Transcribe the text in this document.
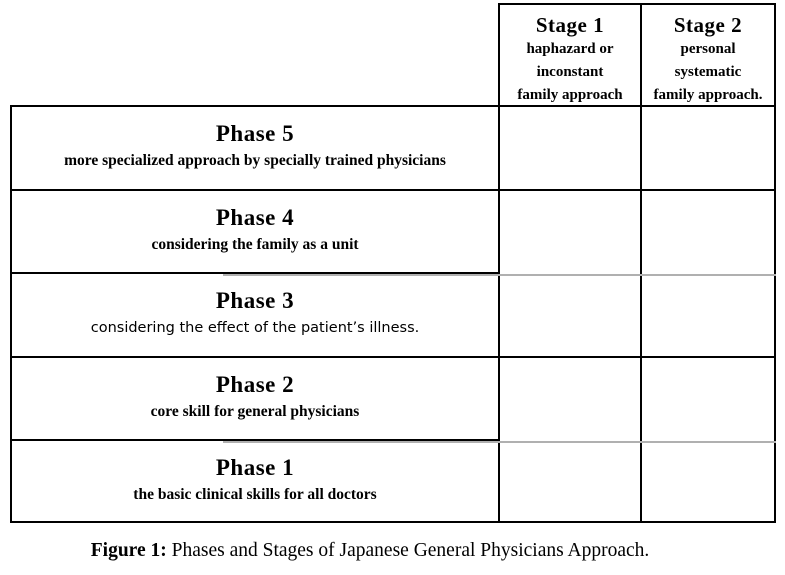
Stage 1
haphazard or
inconstant
family approach
Stage 2
personal
systematic
family approach.
Phase 5
more specialized approach by specially trained physicians
Phase 4
considering the family as a unit
Phase 3
considering the effect of the patient’s illness.
Phase 2
core skill for general physicians
Phase 1
the basic clinical skills for all doctors
Figure 1: Phases and Stages of Japanese General Physicians Approach.
